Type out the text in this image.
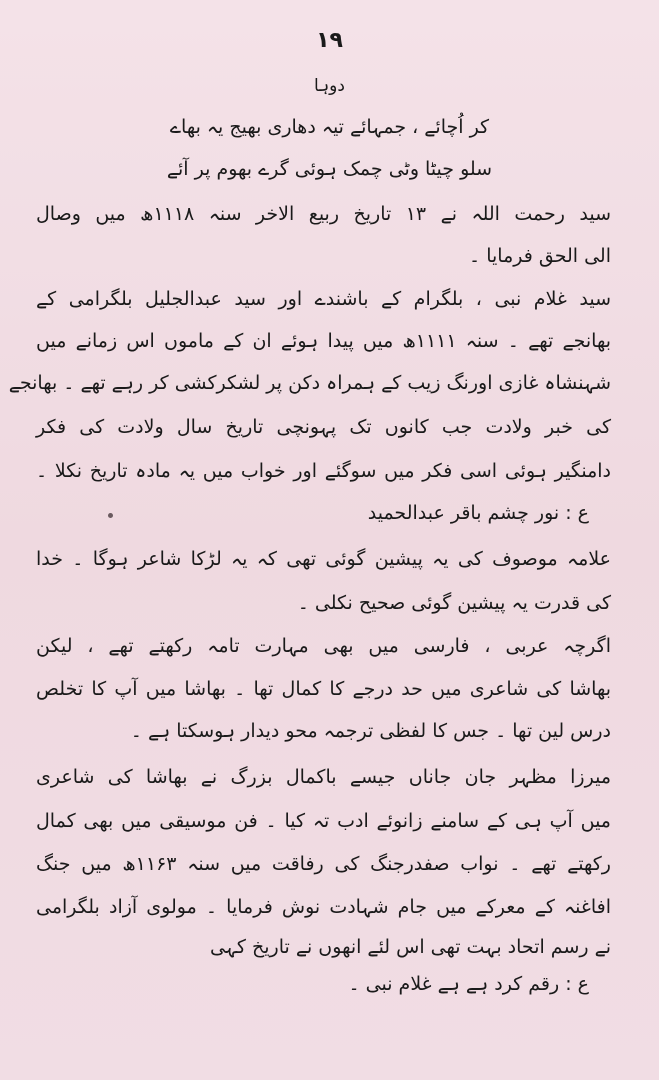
۱۹
دوہا
کر اُچائے ، جمہائے تیہ دھاری بھیج یہ بھاے
سلو چیٹا وٹی چمک ہوئی گرے بھوم پر آئے
سید رحمت اللہ نے ۱۳ تاریخ ربیع الاخر سنہ ۱۱۱۸ھ میں وصال
الی الحق فرمایا ۔
سید غلام نبی ، بلگرام کے باشندے اور سید عبدالجلیل بلگرامی کے
بھانجے تھے ۔ سنہ ۱۱۱۱ھ میں پیدا ہوئے ان کے ماموں اس زمانے میں
شہنشاہ غازی اورنگ زیب کے ہمراہ دکن پر لشکرکشی کر رہے تھے ۔ بھانجے
کی خبر ولادت جب کانوں تک پہونچی تاریخ سال ولادت کی فکر
دامنگیر ہوئی اسی فکر میں سوگئے اور خواب میں یہ مادہ تاریخ نکلا ۔
ع : نور چشم باقر عبدالحمید
علامہ موصوف کی یہ پیشین گوئی تھی کہ یہ لڑکا شاعر ہوگا ۔ خدا
کی قدرت یہ پیشین گوئی صحیح نکلی ۔
اگرچہ عربی ، فارسی میں بھی مہارت تامہ رکھتے تھے ، لیکن
بھاشا کی شاعری میں حد درجے کا کمال تھا ۔ بھاشا میں آپ کا تخلص
درس لین تھا ۔ جس کا لفظی ترجمہ محو دیدار ہوسکتا ہے ۔
میرزا مظہر جان جاناں جیسے باکمال بزرگ نے بھاشا کی شاعری
میں آپ ہی کے سامنے زانوئے ادب تہ کیا ۔ فن موسیقی میں بھی کمال
رکھتے تھے ۔ نواب صفدرجنگ کی رفاقت میں سنہ ۱۱۶۳ھ میں جنگ
افاغنہ کے معرکے میں جام شہادت نوش فرمایا ۔ مولوی آزاد بلگرامی
نے رسم اتحاد بہت تھی اس لئے انھوں نے تاریخ کہی
ع : رقم کرد ہے ہے غلام نبی ۔
